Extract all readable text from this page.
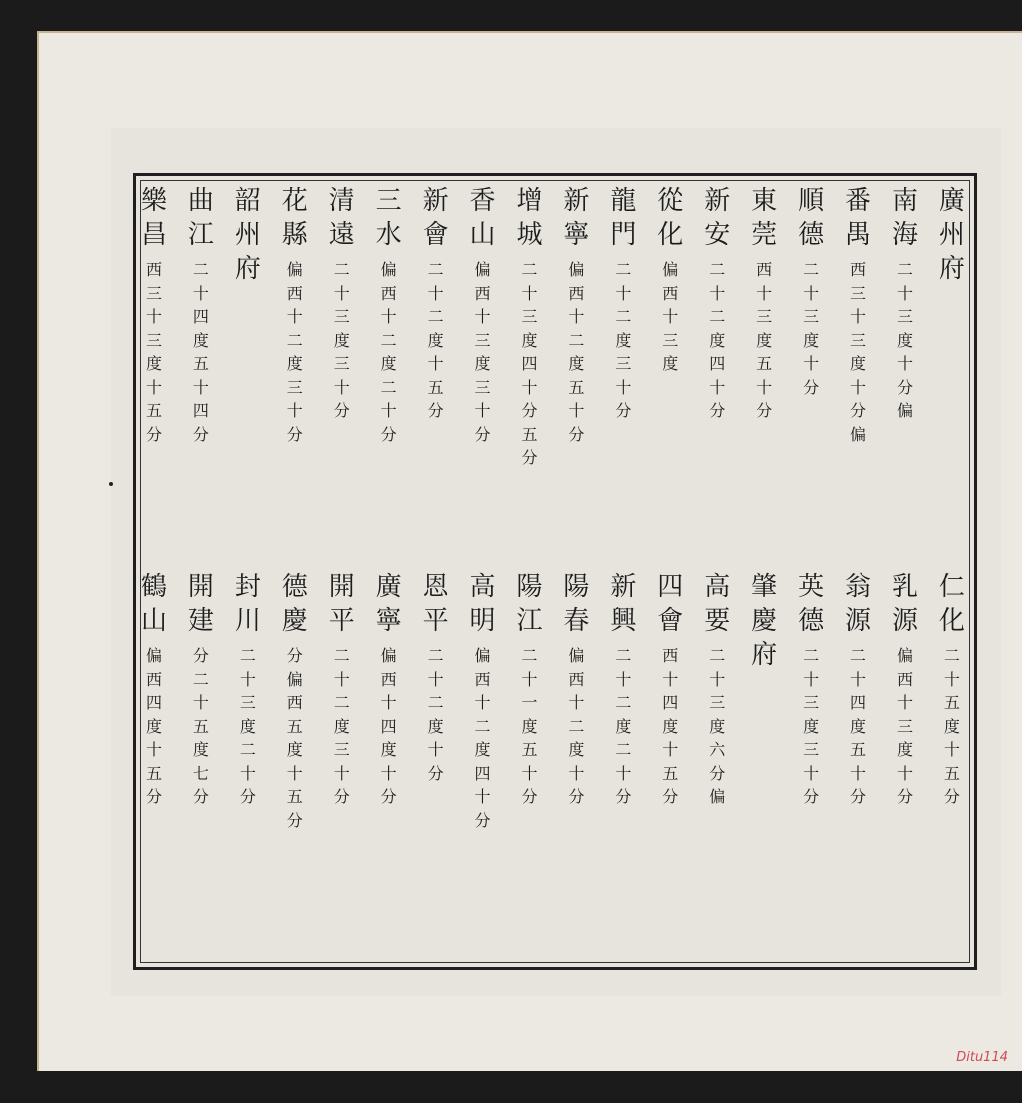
廣
州
府
南
海
二
十
三
度
十
分
偏
番
禺
西
三
十
三
度
十
分
偏
順
德
二
十
三
度
十
分
東
莞
西
十
三
度
五
十
分
新
安
二
十
二
度
四
十
分
從
化
偏
西
十
三
度
龍
門
二
十
二
度
三
十
分
新
寧
偏
西
十
二
度
五
十
分
增
城
二
十
三
度
四
十
分
五
分
香
山
偏
西
十
三
度
三
十
分
新
會
二
十
二
度
十
五
分
三
水
偏
西
十
二
度
二
十
分
清
遠
二
十
三
度
三
十
分
花
縣
偏
西
十
二
度
三
十
分
韶
州
府
曲
江
二
十
四
度
五
十
四
分
樂
昌
西
三
十
三
度
十
五
分
仁
化
二
十
五
度
十
五
分
乳
源
偏
西
十
三
度
十
分
翁
源
二
十
四
度
五
十
分
英
德
二
十
三
度
三
十
分
肇
慶
府
高
要
二
十
三
度
六
分
偏
四
會
西
十
四
度
十
五
分
新
興
二
十
二
度
二
十
分
陽
春
偏
西
十
二
度
十
分
陽
江
二
十
一
度
五
十
分
高
明
偏
西
十
二
度
四
十
分
恩
平
二
十
二
度
十
分
廣
寧
偏
西
十
四
度
十
分
開
平
二
十
二
度
三
十
分
德
慶
分
偏
西
五
度
十
五
分
封
川
二
十
三
度
二
十
分
開
建
分
二
十
五
度
七
分
鶴
山
偏
西
四
度
十
五
分
Ditu114
